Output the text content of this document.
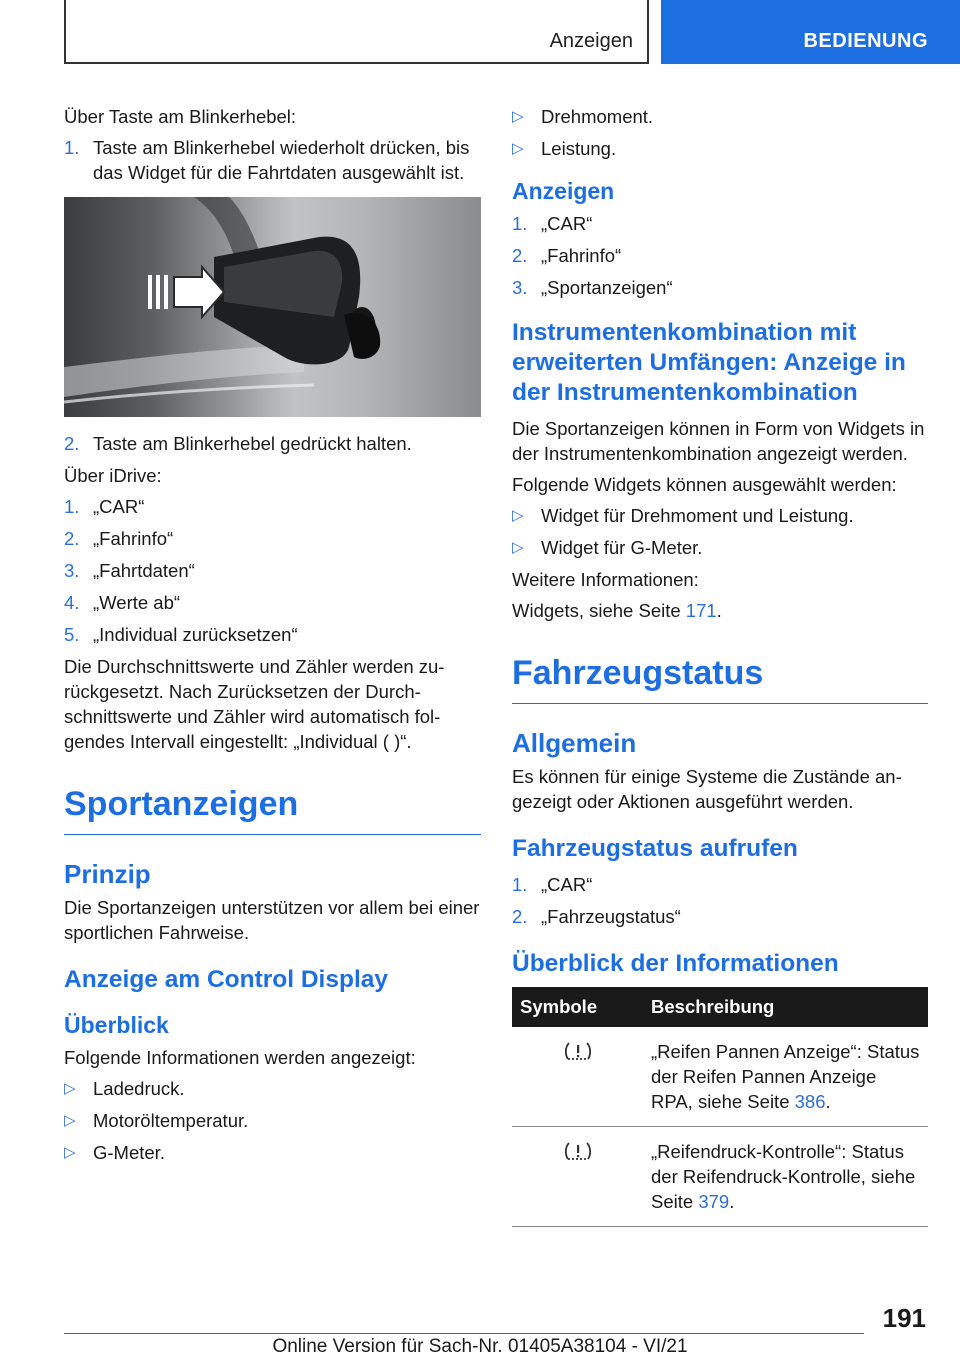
Anzeigen	BEDIENUNG

Über Taste am Blinkerhebel:

1. Taste am Blinkerhebel wiederholt drücken, bis das Widget für die Fahrtdaten ausgewählt ist.
2. Taste am Blinkerhebel gedrückt halten.

Über iDrive:

1. „CAR“
2. „Fahrinfo“
3. „Fahrtdaten“
4. „Werte ab“
5. „Individual zurücksetzen“

Die Durchschnittswerte und Zähler werden zurückgesetzt. Nach Zurücksetzen der Durchschnittswerte und Zähler wird automatisch folgendes Intervall eingestellt: „Individual ( )“.

Sportanzeigen
Prinzip

Die Sportanzeigen unterstützen vor allem bei einer sportlichen Fahrweise.

Anzeige am Control Display
Überblick

Folgende Informationen werden angezeigt:

▷ Ladedruck.
▷ Motoröltemperatur.
▷ G-Meter.
▷ Drehmoment.
▷ Leistung.
Anzeigen
1. „CAR“
2. „Fahrinfo“
3. „Sportanzeigen“
Instrumentenkombination mit erweiterten Umfängen: Anzeige in der Instrumentenkombination

Die Sportanzeigen können in Form von Widgets in der Instrumentenkombination angezeigt werden.

Folgende Widgets können ausgewählt werden:

▷ Widget für Drehmoment und Leistung.
▷ Widget für G-Meter.

Weitere Informationen:

Widgets, siehe Seite 171.

Fahrzeugstatus
Allgemein

Es können für einige Systeme die Zustände angezeigt oder Aktionen ausgeführt werden.

Fahrzeugstatus aufrufen
1. „CAR“
2. „Fahrzeugstatus“
Überblick der Informationen
Symbole	Beschreibung
	„Reifen Pannen Anzeige“: Status der Reifen Pannen Anzeige RPA, siehe Seite 386.
	„Reifendruck-Kontrolle“: Status der Reifendruck-Kontrolle, siehe Seite 379.
191
Online Version für Sach-Nr. 01405A38104 - VI/21
